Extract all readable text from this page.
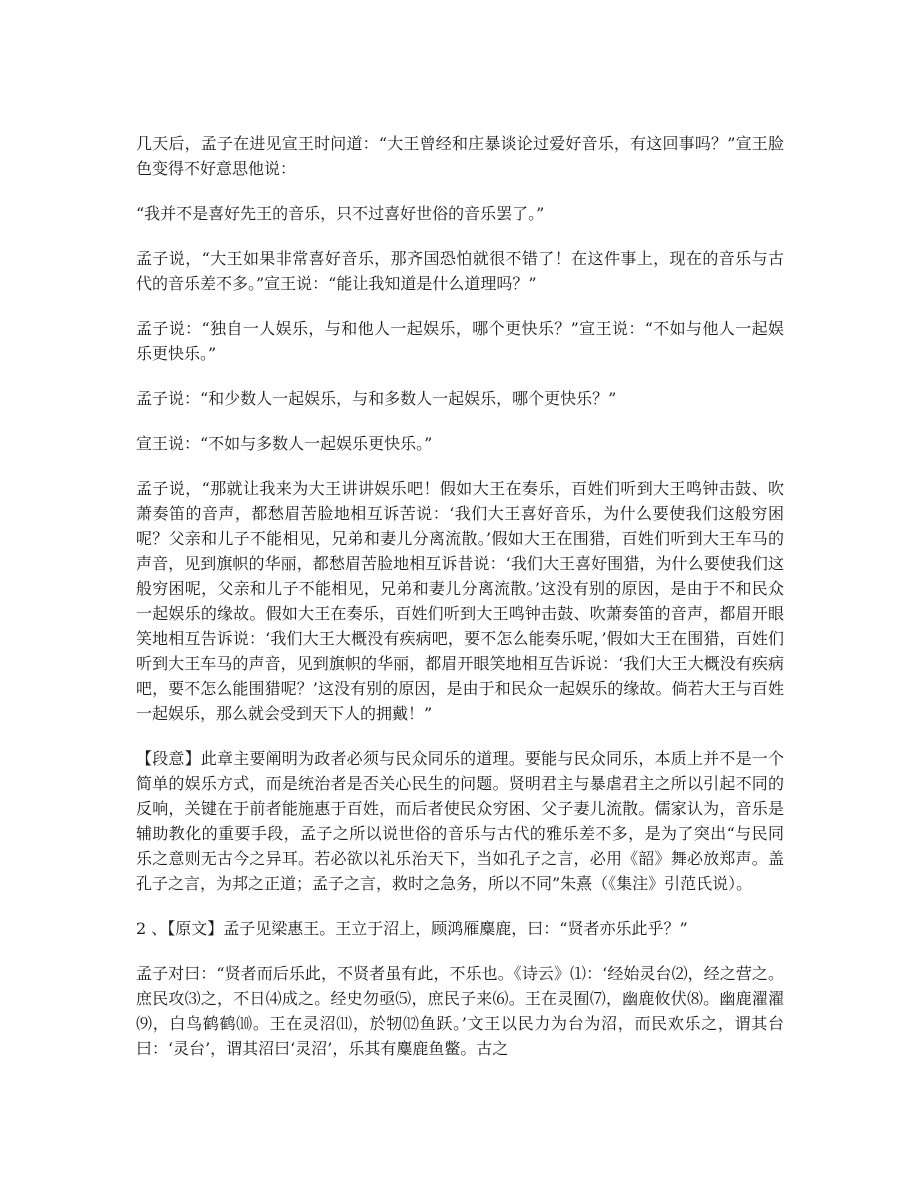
几天后，孟子在进见宣王时问道：“大王曾经和庄暴谈论过爱好音乐，有这回事吗？”宣王脸色变得不好意思他说：

“我并不是喜好先王的音乐，只不过喜好世俗的音乐罢了。”

孟子说，“大王如果非常喜好音乐，那齐国恐怕就很不错了！在这件事上，现在的音乐与古代的音乐差不多。”宣王说：“能让我知道是什么道理吗？”

孟子说：“独自一人娱乐，与和他人一起娱乐，哪个更快乐？”宣王说：“不如与他人一起娱乐更快乐。”

孟子说：“和少数人一起娱乐，与和多数人一起娱乐，哪个更快乐？”

宣王说：“不如与多数人一起娱乐更快乐。”

孟子说，“那就让我来为大王讲讲娱乐吧！假如大王在奏乐，百姓们听到大王鸣钟击鼓、吹萧奏笛的音声，都愁眉苦脸地相互诉苦说：‘我们大王喜好音乐，为什么要使我们这般穷困呢？父亲和儿子不能相见，兄弟和妻儿分离流散。’假如大王在围猎，百姓们听到大王车马的声音，见到旗帜的华丽，都愁眉苦脸地相互诉昔说：‘我们大王喜好围猎，为什么要使我们这般穷困呢，父亲和儿子不能相见，兄弟和妻儿分离流散。’这没有别的原因，是由于不和民众一起娱乐的缘故。假如大王在奏乐，百姓们听到大王鸣钟击鼓、吹萧奏笛的音声，都眉开眼笑地相互告诉说：‘我们大王大概没有疾病吧，要不怎么能奏乐呢，’假如大王在围猎，百姓们听到大王车马的声音，见到旗帜的华丽，都眉开眼笑地相互告诉说：‘我们大王大概没有疾病吧，要不怎么能围猎呢？’这没有别的原因，是由于和民众一起娱乐的缘故。倘若大王与百姓一起娱乐，那么就会受到天下人的拥戴！”

【段意】此章主要阐明为政者必须与民众同乐的道理。要能与民众同乐，本质上并不是一个简单的娱乐方式，而是统治者是否关心民生的问题。贤明君主与暴虐君主之所以引起不同的反响，关键在于前者能施惠于百姓，而后者使民众穷困、父子妻儿流散。儒家认为，音乐是辅助教化的重要手段，孟子之所以说世俗的音乐与古代的雅乐差不多，是为了突出“与民同乐之意则无古今之异耳。若必欲以礼乐治天下，当如孔子之言，必用《韶》舞必放郑声。盖孔子之言，为邦之正道；孟子之言，救时之急务，所以不同”朱熹（《集注》引范氏说）。

2 、【原文】孟子见梁惠王。王立于沼上，顾鸿雁麋鹿，曰：“贤者亦乐此乎？”

孟子对曰：“贤者而后乐此，不贤者虽有此，不乐也。《诗云》⑴：‘经始灵台⑵，经之营之。庶民攻⑶之，不日⑷成之。经史勿亟⑸，庶民子来⑹。王在灵囿⑺，幽鹿攸伏⑻。幽鹿濯濯⑼，白鸟鹤鹤⑽。王在灵沼⑾，於牣⑿鱼跃。’文王以民力为台为沼，而民欢乐之，谓其台曰：‘灵台’，谓其沼曰‘灵沼’，乐其有麋鹿鱼鳖。古之
